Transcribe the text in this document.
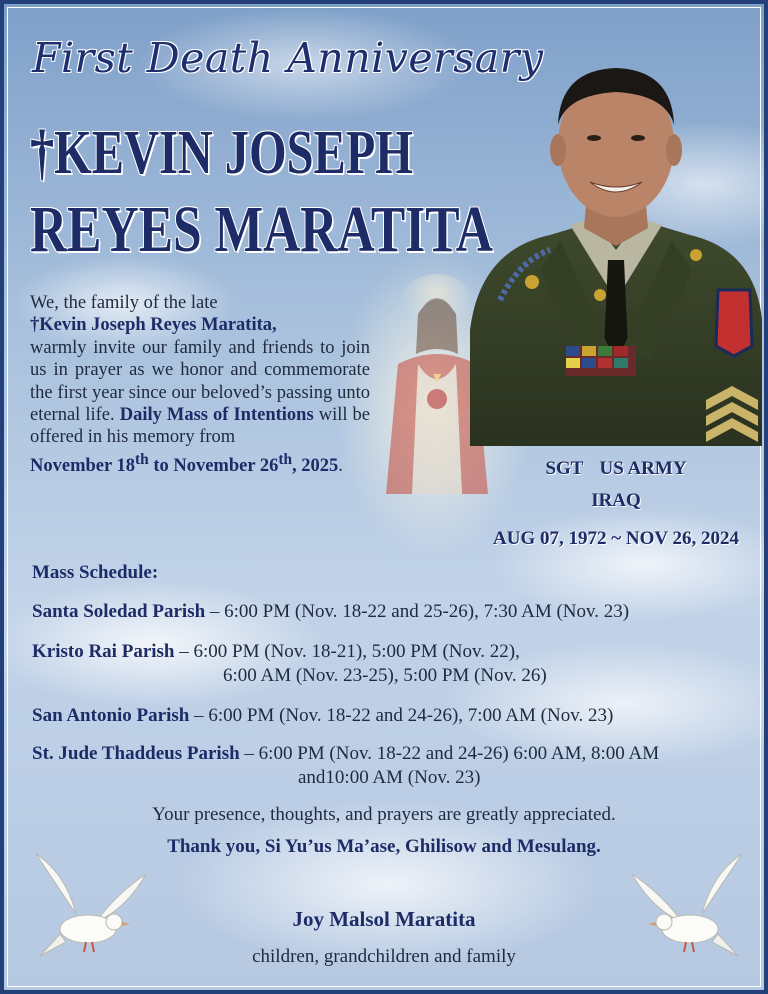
First Death Anniversary
†KEVIN JOSEPH
REYES MARATITA
We, the family of the late
†Kevin Joseph Reyes Maratita,
warmly invite our family and friends to join us in prayer as we honor and commemorate the first year since our beloved’s passing unto eternal life. Daily Mass of Intentions will be offered in his memory from
November 18th to November 26th, 2025.	SGT US ARMY
IRAQ
AUG 07, 1972 ~ NOV 26, 2024
Mass Schedule:
Santa Soledad Parish – 6:00 PM (Nov. 18-22 and 25-26), 7:30 AM (Nov. 23)
Kristo Rai Parish – 6:00 PM (Nov. 18-21), 5:00 PM (Nov. 22),
6:00 AM (Nov. 23-25), 5:00 PM (Nov. 26)
San Antonio Parish – 6:00 PM (Nov. 18-22 and 24-26), 7:00 AM (Nov. 23)
St. Jude Thaddeus Parish – 6:00 PM (Nov. 18-22 and 24-26) 6:00 AM, 8:00 AM
and10:00 AM (Nov. 23)
Your presence, thoughts, and prayers are greatly appreciated.
Thank you, Si Yu’us Ma’ase, Ghilisow and Mesulang.
Joy Malsol Maratita
children, grandchildren and family
